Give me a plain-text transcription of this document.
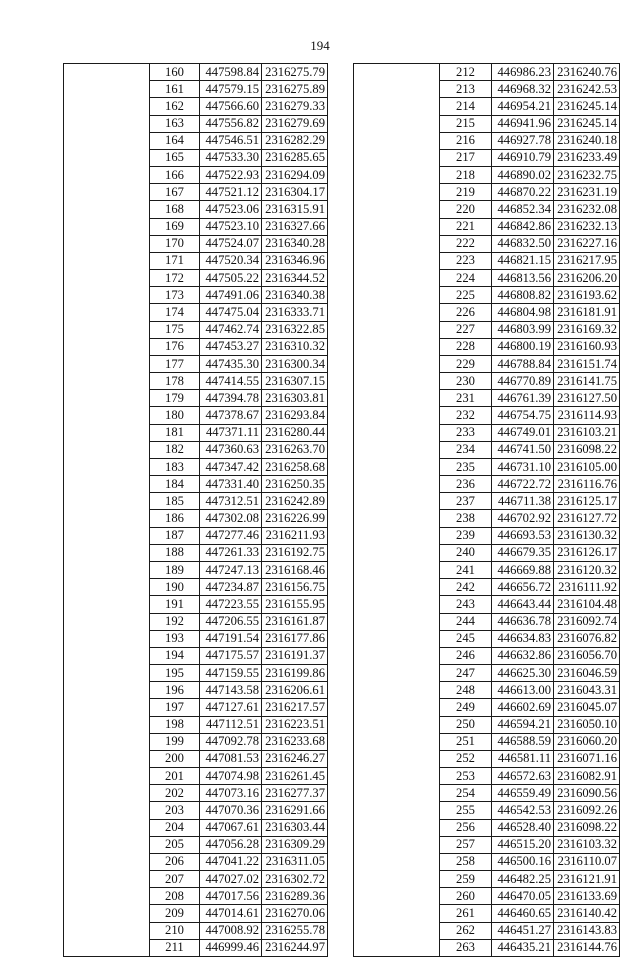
194
	160	447598.84	2316275.79
	161	447579.15	2316275.89
	162	447566.60	2316279.33
	163	447556.82	2316279.69
	164	447546.51	2316282.29
	165	447533.30	2316285.65
	166	447522.93	2316294.09
	167	447521.12	2316304.17
	168	447523.06	2316315.91
	169	447523.10	2316327.66
	170	447524.07	2316340.28
	171	447520.34	2316346.96
	172	447505.22	2316344.52
	173	447491.06	2316340.38
	174	447475.04	2316333.71
	175	447462.74	2316322.85
	176	447453.27	2316310.32
	177	447435.30	2316300.34
	178	447414.55	2316307.15
	179	447394.78	2316303.81
	180	447378.67	2316293.84
	181	447371.11	2316280.44
	182	447360.63	2316263.70
	183	447347.42	2316258.68
	184	447331.40	2316250.35
	185	447312.51	2316242.89
	186	447302.08	2316226.99
	187	447277.46	2316211.93
	188	447261.33	2316192.75
	189	447247.13	2316168.46
	190	447234.87	2316156.75
	191	447223.55	2316155.95
	192	447206.55	2316161.87
	193	447191.54	2316177.86
	194	447175.57	2316191.37
	195	447159.55	2316199.86
	196	447143.58	2316206.61
	197	447127.61	2316217.57
	198	447112.51	2316223.51
	199	447092.78	2316233.68
	200	447081.53	2316246.27
	201	447074.98	2316261.45
	202	447073.16	2316277.37
	203	447070.36	2316291.66
	204	447067.61	2316303.44
	205	447056.28	2316309.29
	206	447041.22	2316311.05
	207	447027.02	2316302.72
	208	447017.56	2316289.36
	209	447014.61	2316270.06
	210	447008.92	2316255.78
	211	446999.46	2316244.97
	212	446986.23	2316240.76
	213	446968.32	2316242.53
	214	446954.21	2316245.14
	215	446941.96	2316245.14
	216	446927.78	2316240.18
	217	446910.79	2316233.49
	218	446890.02	2316232.75
	219	446870.22	2316231.19
	220	446852.34	2316232.08
	221	446842.86	2316232.13
	222	446832.50	2316227.16
	223	446821.15	2316217.95
	224	446813.56	2316206.20
	225	446808.82	2316193.62
	226	446804.98	2316181.91
	227	446803.99	2316169.32
	228	446800.19	2316160.93
	229	446788.84	2316151.74
	230	446770.89	2316141.75
	231	446761.39	2316127.50
	232	446754.75	2316114.93
	233	446749.01	2316103.21
	234	446741.50	2316098.22
	235	446731.10	2316105.00
	236	446722.72	2316116.76
	237	446711.38	2316125.17
	238	446702.92	2316127.72
	239	446693.53	2316130.32
	240	446679.35	2316126.17
	241	446669.88	2316120.32
	242	446656.72	2316111.92
	243	446643.44	2316104.48
	244	446636.78	2316092.74
	245	446634.83	2316076.82
	246	446632.86	2316056.70
	247	446625.30	2316046.59
	248	446613.00	2316043.31
	249	446602.69	2316045.07
	250	446594.21	2316050.10
	251	446588.59	2316060.20
	252	446581.11	2316071.16
	253	446572.63	2316082.91
	254	446559.49	2316090.56
	255	446542.53	2316092.26
	256	446528.40	2316098.22
	257	446515.20	2316103.32
	258	446500.16	2316110.07
	259	446482.25	2316121.91
	260	446470.05	2316133.69
	261	446460.65	2316140.42
	262	446451.27	2316143.83
	263	446435.21	2316144.76
